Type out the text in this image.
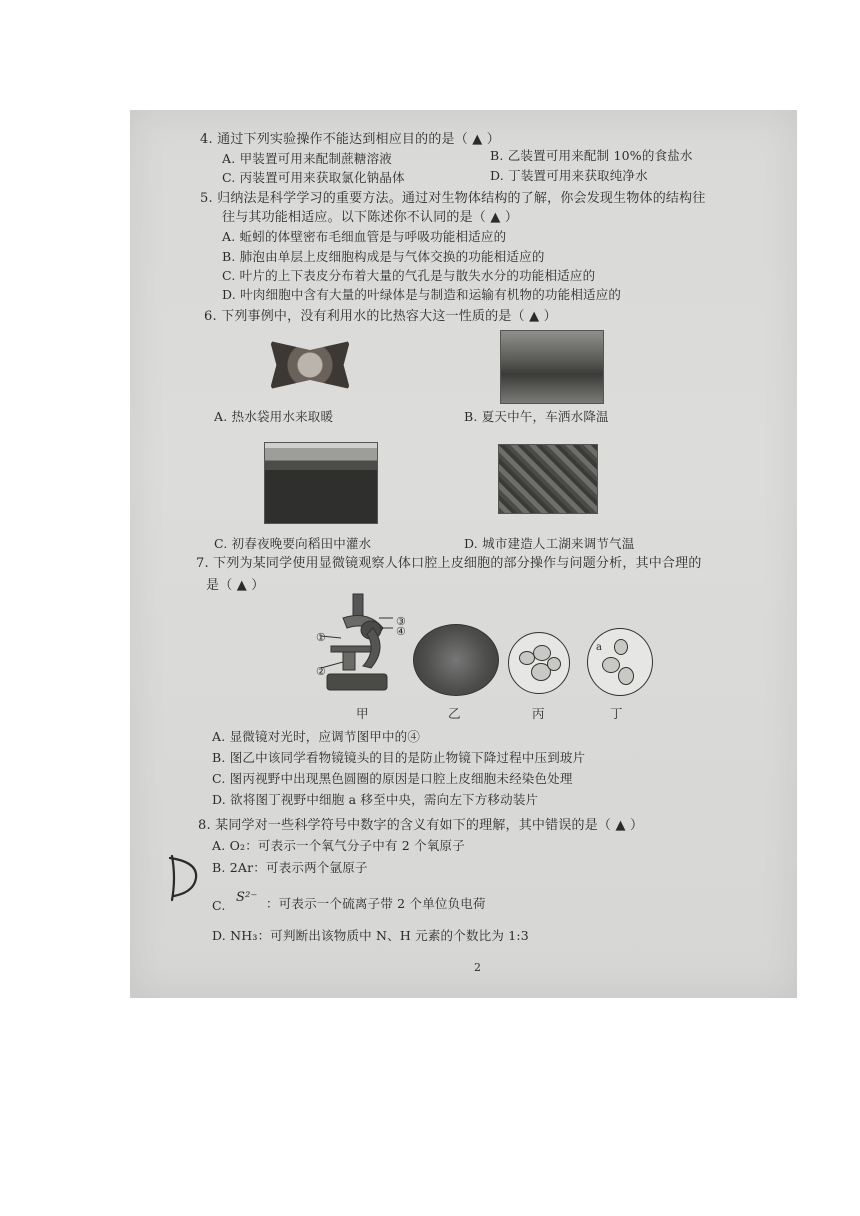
4. 通过下列实验操作不能达到相应目的的是（ ▲ ）
A. 甲装置可用来配制蔗糖溶液	B. 乙装置可用来配制 10%的食盐水
C. 丙装置可用来获取氯化钠晶体	D. 丁装置可用来获取纯净水
5. 归纳法是科学学习的重要方法。通过对生物体结构的了解，你会发现生物体的结构往
往与其功能相适应。以下陈述你不认同的是（ ▲ ）
A. 蚯蚓的体壁密布毛细血管是与呼吸功能相适应的
B. 肺泡由单层上皮细胞构成是与气体交换的功能相适应的
C. 叶片的上下表皮分布着大量的气孔是与散失水分的功能相适应的
D. 叶肉细胞中含有大量的叶绿体是与制造和运输有机物的功能相适应的
6. 下列事例中，没有利用水的比热容大这一性质的是（ ▲ ）
A. 热水袋用水来取暖	B. 夏天中午，车洒水降温
C. 初春夜晚要向稻田中灌水	D. 城市建造人工湖来调节气温
7. 下列为某同学使用显微镜观察人体口腔上皮细胞的部分操作与问题分析，其中合理的
是（ ▲ ）
①
②
③
④
a
甲	乙	丙	丁
A. 显微镜对光时，应调节图甲中的④
B. 图乙中该同学看物镜镜头的目的是防止物镜下降过程中压到玻片
C. 图丙视野中出现黑色圆圈的原因是口腔上皮细胞未经染色处理
D. 欲将图丁视野中细胞 a 移至中央，需向左下方移动装片
8. 某同学对一些科学符号中数字的含义有如下的理解，其中错误的是（ ▲ ）
A. O₂：可表示一个氧气分子中有 2 个氧原子
B. 2Ar：可表示两个氩原子
C.
S²⁻ ：可表示一个硫离子带 2 个单位负电荷
D. NH₃：可判断出该物质中 N、H 元素的个数比为 1:3
2
